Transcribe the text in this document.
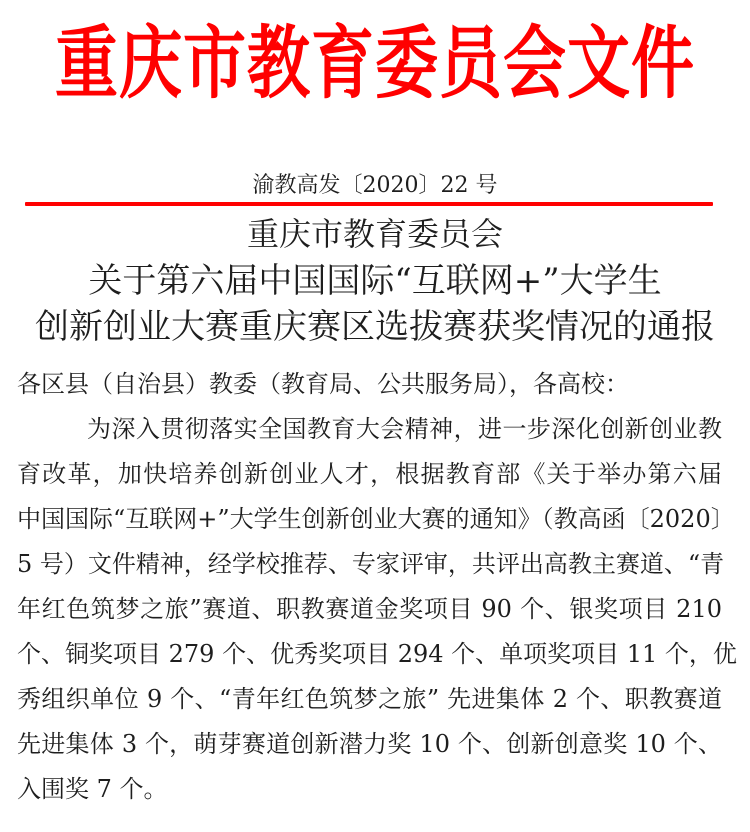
重庆市教育委员会文件
渝教高发〔2020〕22 号
重庆市教育委员会
关于第六届中国国际“互联网+”大学生
创新创业大赛重庆赛区选拔赛获奖情况的通报
各区县（自治县）教委（教育局、公共服务局），各高校：
为深入贯彻落实全国教育大会精神，进一步深化创新创业教
育改革，加快培养创新创业人才，根据教育部《关于举办第六届
中国国际“互联网+”大学生创新创业大赛的通知》（教高函〔2020〕
5 号）文件精神，经学校推荐、专家评审，共评出高教主赛道、“青
年红色筑梦之旅”赛道、职教赛道金奖项目 90 个、银奖项目 210
个、铜奖项目 279 个、优秀奖项目 294 个、单项奖项目 11 个，优
秀组织单位 9 个、“青年红色筑梦之旅” 先进集体 2 个、职教赛道
先进集体 3 个，萌芽赛道创新潜力奖 10 个、创新创意奖 10 个、
入围奖 7 个。
